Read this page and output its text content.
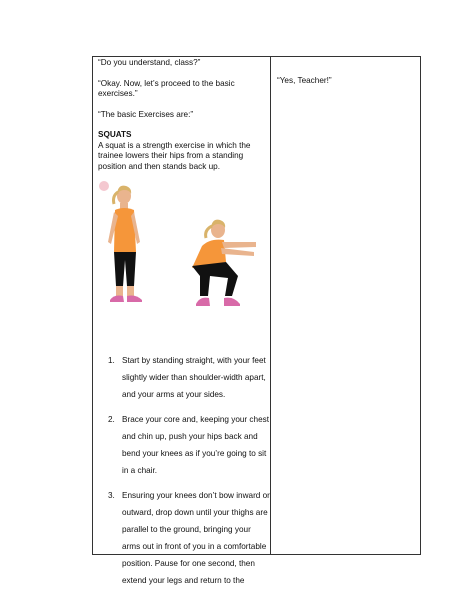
“Do you understand, class?”

“Okay. Now, let’s proceed to the basic exercises.”

“The basic Exercises are:”

SQUATS

A squat is a strength exercise in which the trainee lowers their hips from a standing position and then stands back up.

“Yes, Teacher!”

1. Start by standing straight, with your feet slightly wider than shoulder-width apart, and your arms at your sides.
2. Brace your core and, keeping your chest and chin up, push your hips back and bend your knees as if you’re going to sit in a chair.
3. Ensuring your knees don’t bow inward or outward, drop down until your thighs are parallel to the ground, bringing your arms out in front of you in a comfortable position. Pause for one second, then extend your legs and return to the
